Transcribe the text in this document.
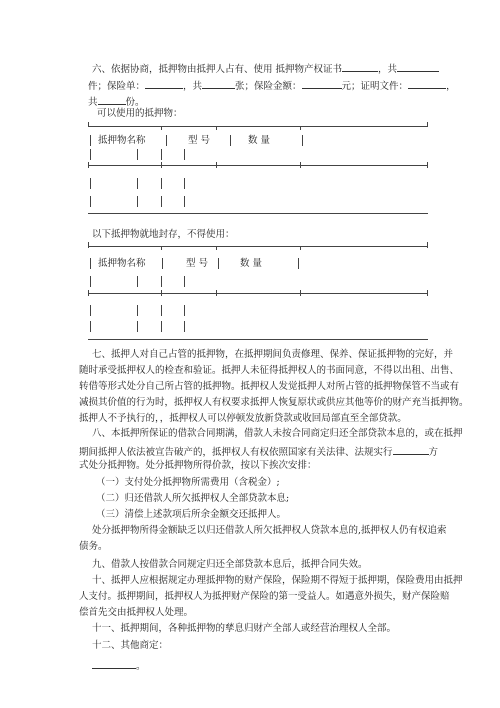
六、依据协商，抵押物由抵押人占有、使用 抵押物产权证书	，共
件；保险单：	，共	张；保险金额：	元；证明文件：	，
共	份。
可以使用的抵押物：
抵押物名称	型 号	数 量
以下抵押物就地封存，不得使用：
抵押物名称	型 号	数 量
七、抵押人对自己占管的抵押物，在抵押期间负责修理、保养、保证抵押物的完好，并
随时承受抵押权人的检查和验证。抵押人未征得抵押权人的书面同意，不得以出租、出售、
转借等形式处分自己所占管的抵押物。抵押权人发觉抵押人对所占管的抵押物保管不当或有
减损其价值的行为时，抵押权人有权要求抵押人恢复原状或供应其他等价的财产充当抵押物。
抵押人不予执行的，，抵押权人可以停顿发放新贷款或收回局部直至全部贷款。
八、本抵押所保证的借款合同期满，借款人未按合同商定归还全部贷款本息的，或在抵押
期间抵押人依法被宣告破产的，抵押权人有权依照国家有关法律、法规实行	方
式处分抵押物。处分抵押物所得价款，按以下挨次安排：
（一）支付处分抵押物所需费用（含税金）;
（二）归还借款人所欠抵押权人全部贷款本息;
（三）清偿上述款项后所余金额交还抵押人。
处分抵押物所得金额缺乏以归还借款人所欠抵押权人贷款本息的,抵押权人仍有权追索
债务。
九、借款人按借款合同规定归还全部贷款本息后，抵押合同失效。
十、抵押人应根据规定办理抵押物的财产保险，保险期不得短于抵押期，保险费用由抵押
人支付。抵押期间，抵押权人为抵押财产保险的第一受益人。如遇意外损失，财产保险赔
偿首先交由抵押权人处理。
十一、抵押期间，各种抵押物的孳息归财产全部人或经营治理权人全部。
十二、其他商定：
。
